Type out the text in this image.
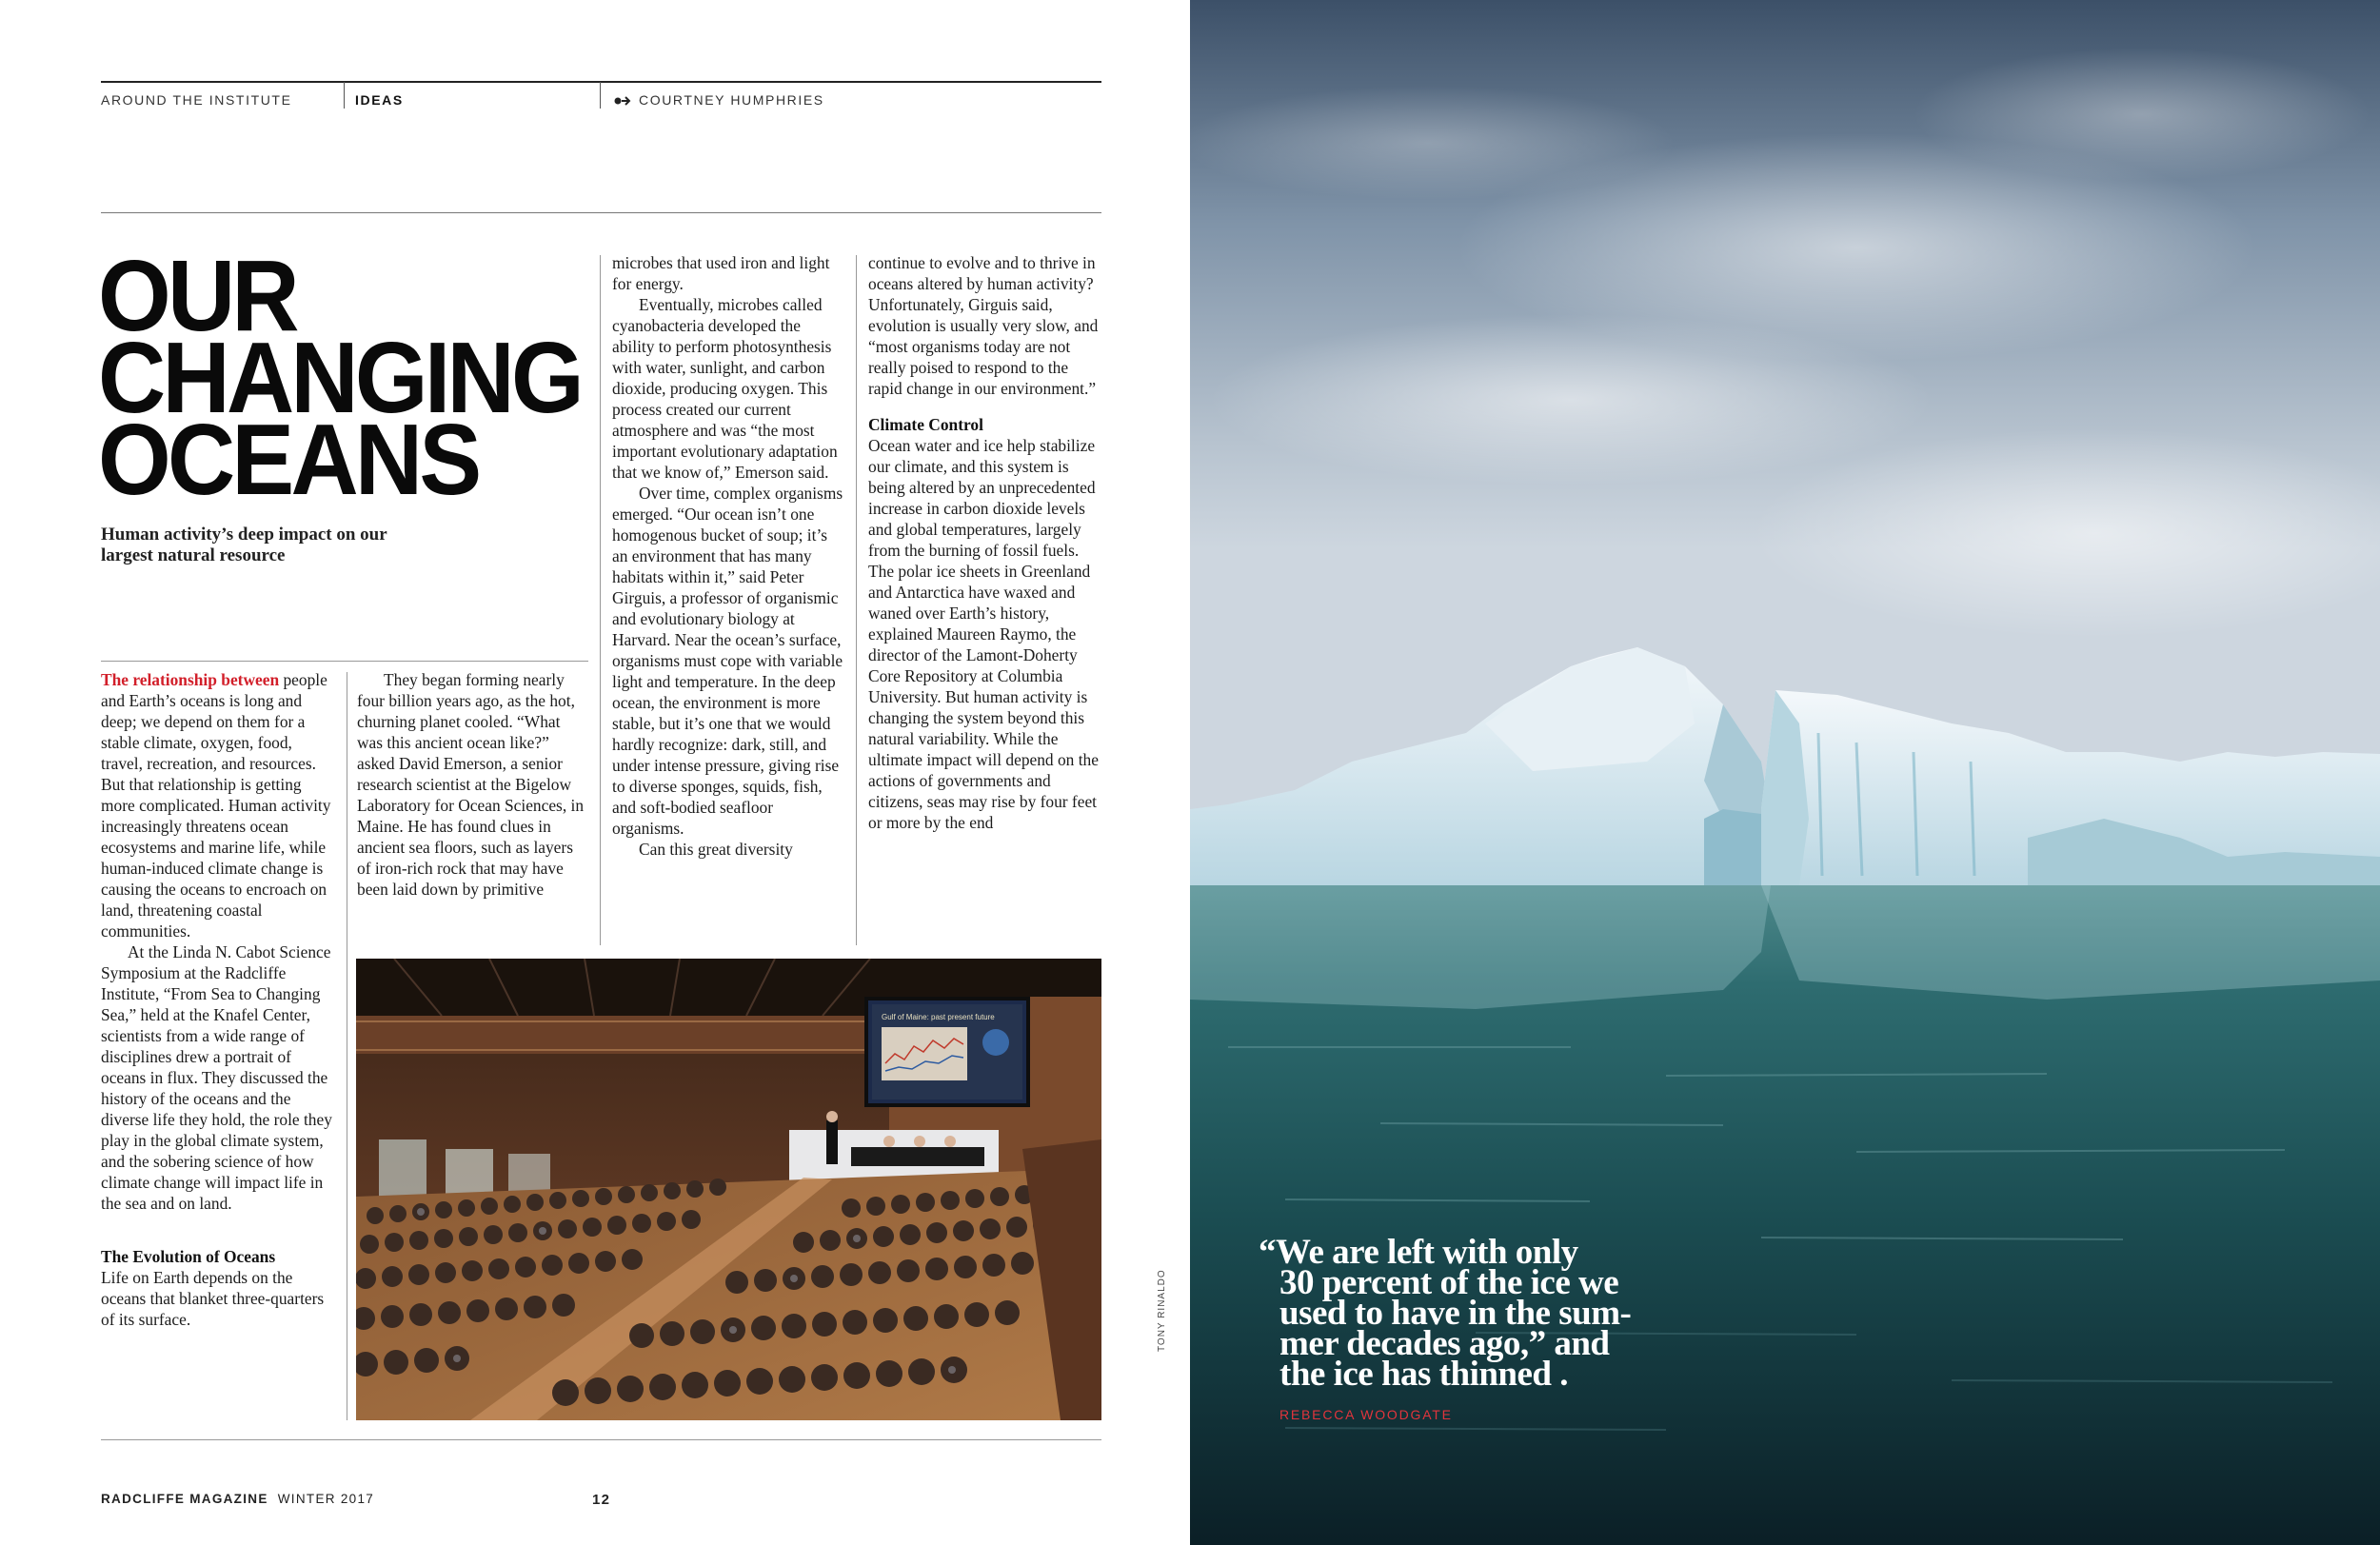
AROUND THE INSTITUTE	IDEAS	COURTNEY HUMPHRIES
OUR
CHANGING
OCEANS
Human activity’s deep impact on our
largest natural resource

The relationship between people and Earth’s oceans is long and deep; we depend on them for a stable climate, oxygen, food, travel, recreation, and resources. But that relationship is getting more complicated. Human activity increasingly threatens ocean ecosystems and marine life, while human-induced climate change is causing the oceans to encroach on land, threatening coastal communities.

At the Linda N. Cabot Science Symposium at the Radcliffe Institute, “From Sea to Changing Sea,” held at the Knafel Center, scientists from a wide range of disciplines drew a portrait of oceans in flux. They discussed the history of the oceans and the diverse life they hold, the role they play in the global climate system, and the sobering science of how climate change will impact life in the sea and on land.

The Evolution of Oceans

Life on Earth depends on the oceans that blanket three-quarters of its surface.

They began forming nearly four billion years ago, as the hot, churning planet cooled. “What was this ancient ocean like?” asked David Emerson, a senior research scientist at the Bigelow Laboratory for Ocean Sciences, in Maine. He has found clues in ancient sea floors, such as layers of iron-rich rock that may have been laid down by primitive

microbes that used iron and light for energy.

Eventually, microbes called cyanobacteria developed the ability to perform photosynthesis with water, sunlight, and carbon dioxide, producing oxygen. This process created our current atmosphere and was “the most important evolutionary adaptation that we know of,” Emerson said.

Over time, complex organisms emerged. “Our ocean isn’t one homogenous bucket of soup; it’s an environment that has many habitats within it,” said Peter Girguis, a professor of organismic and evolutionary biology at Harvard. Near the ocean’s surface, organisms must cope with variable light and temperature. In the deep ocean, the environment is more stable, but it’s one that we would hardly recognize: dark, still, and under intense pressure, giving rise to diverse sponges, squids, fish, and soft-bodied seafloor organisms.

Can this great diversity

continue to evolve and to thrive in oceans altered by human activity? Unfortunately, Girguis said, evolution is usually very slow, and “most organisms today are not really poised to respond to the rapid change in our environment.”

Climate Control

Ocean water and ice help stabilize our climate, and this system is being altered by an unprecedented increase in carbon dioxide levels and global temperatures, largely from the burning of fossil fuels. The polar ice sheets in Greenland and Antarctica have waxed and waned over Earth’s history, explained Maureen Raymo, the director of the Lamont-Doherty Core Repository at Columbia University. But human activity is changing the system beyond this natural variability. While the ultimate impact will depend on the actions of governments and citizens, seas may rise by four feet or more by the end

Gulf of Maine: past present future
RADCLIFFE MAGAZINE WINTER 2017	12
TONY RINALDO
“We are left with only
30 percent of the ice we
used to have in the sum-
mer decades ago,” and
the ice has thinned .
REBECCA WOODGATE
